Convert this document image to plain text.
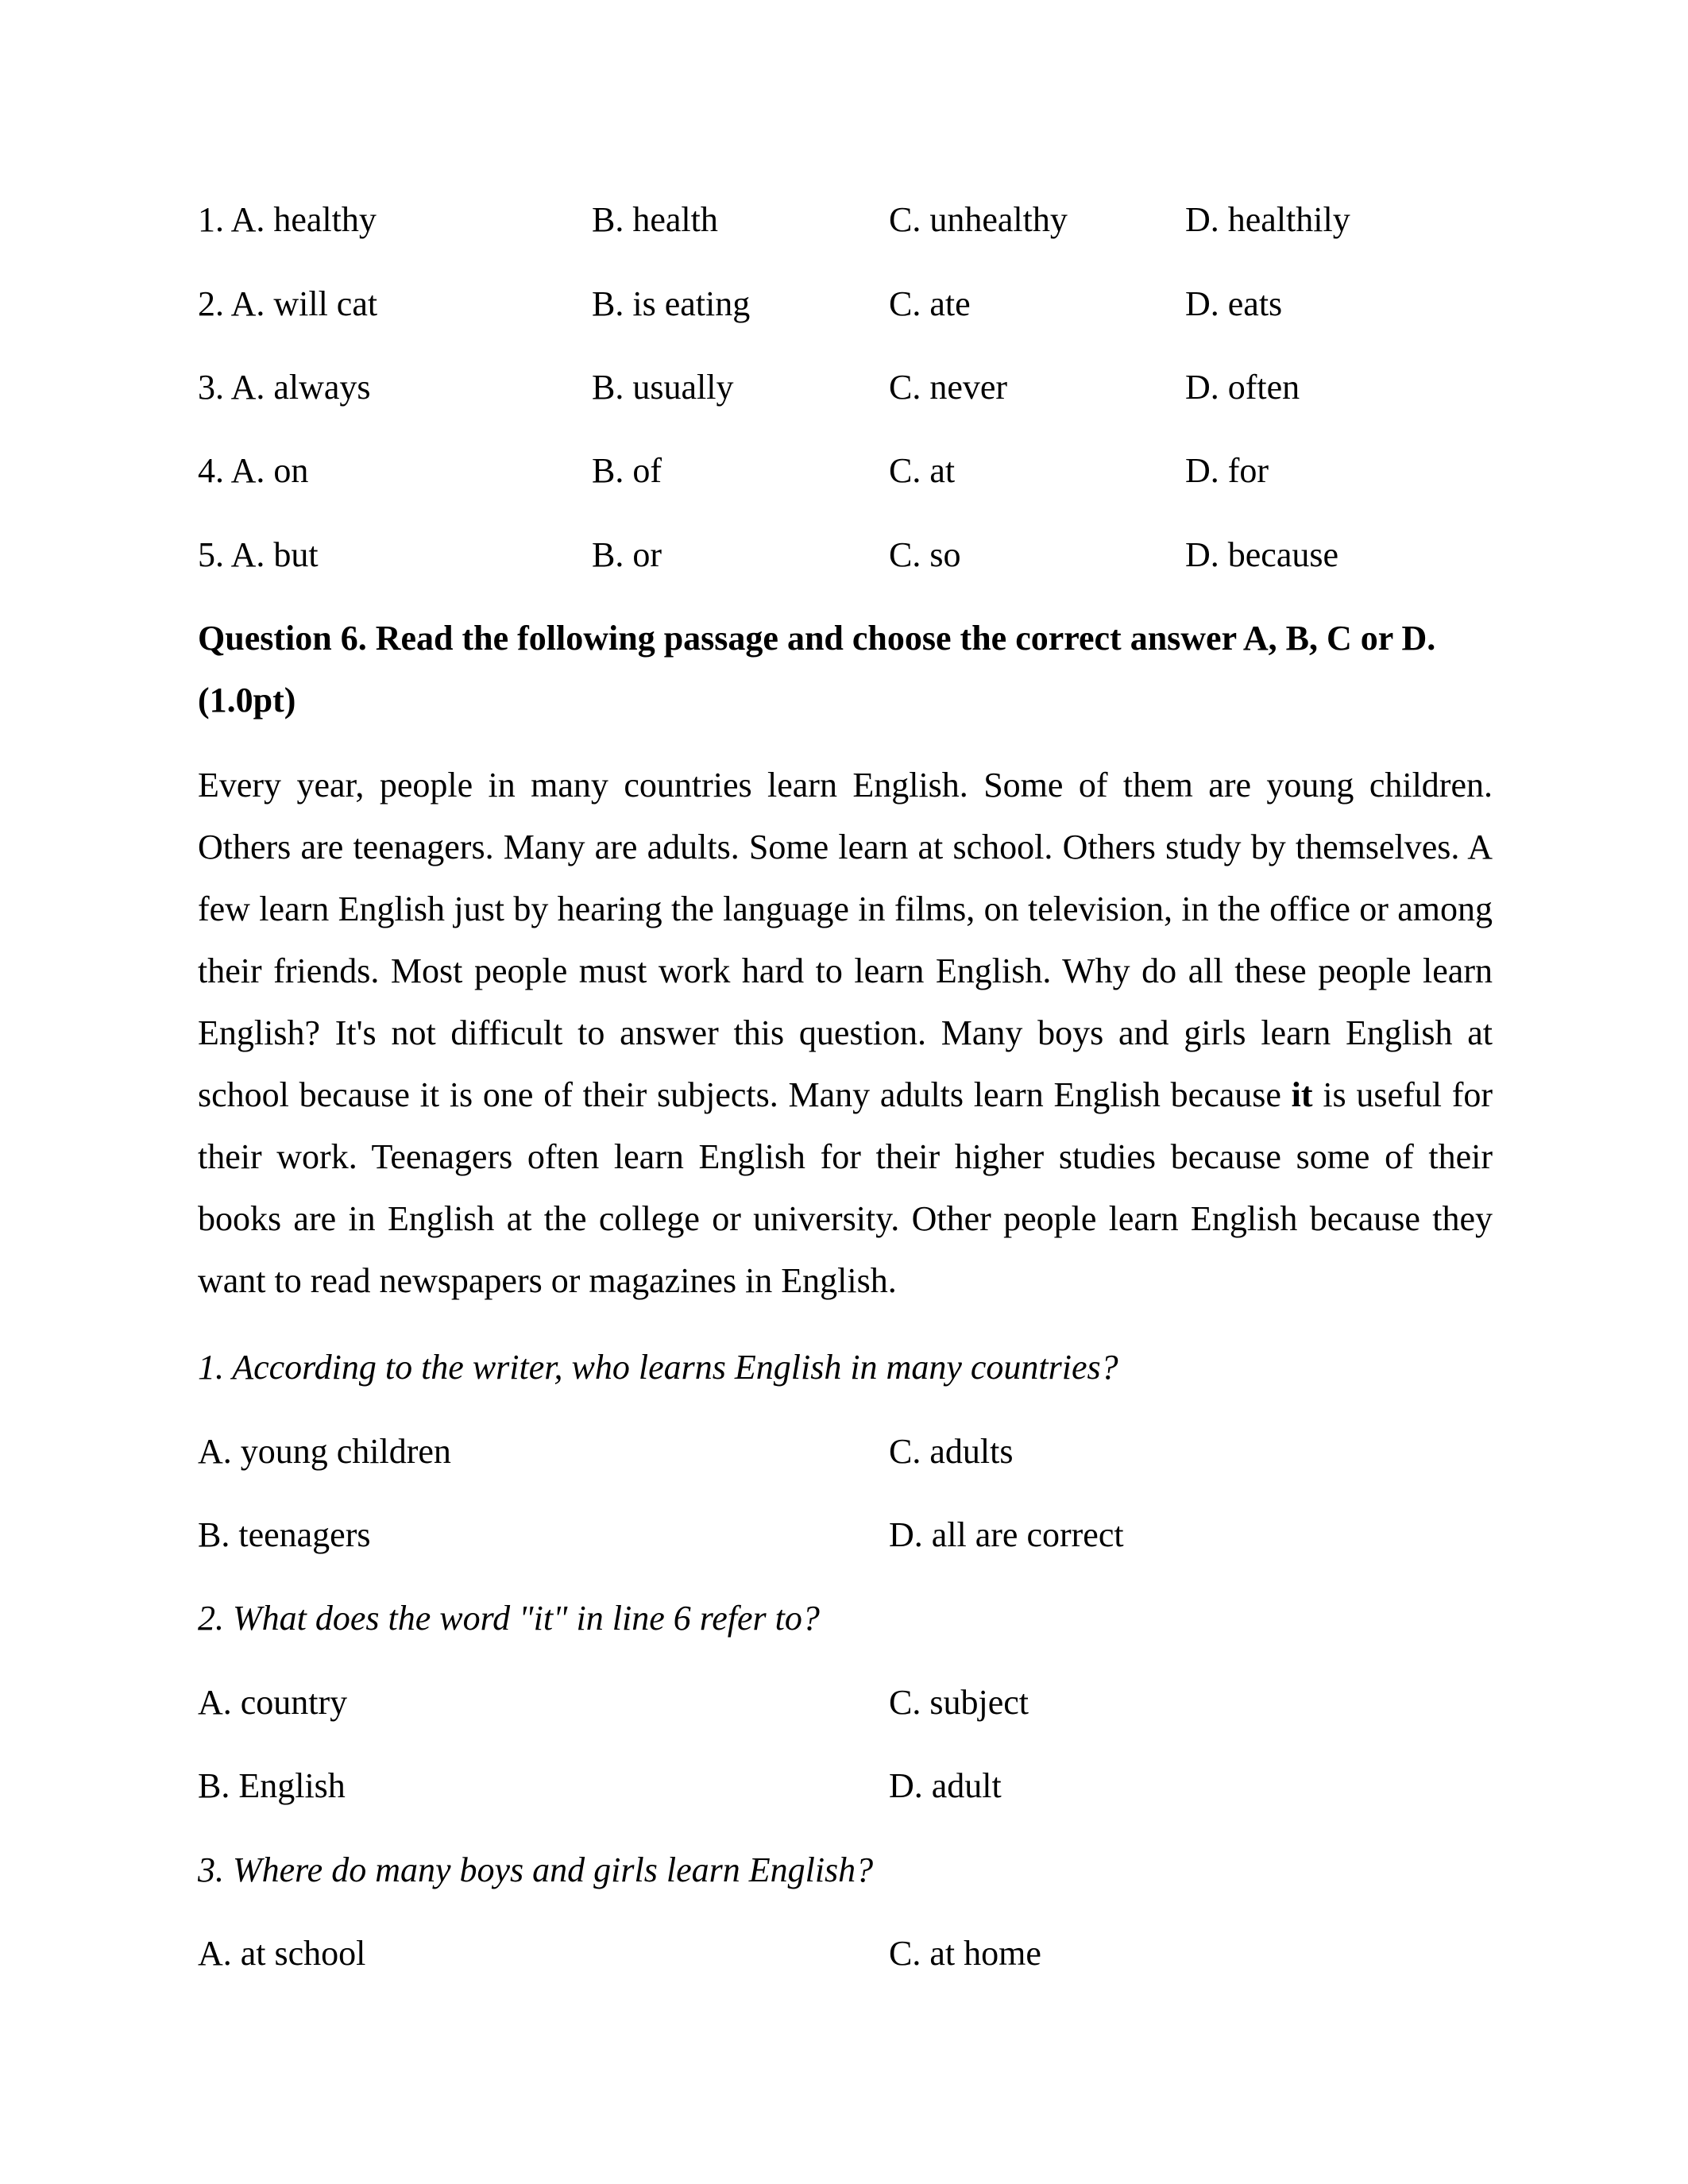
1. A. healthy	B. health	C. unhealthy	D. healthily
2. A. will cat	B. is eating	C. ate	D. eats
3. A. always	B. usually	C. never	D. often
4. A. on	B. of	C. at	D. for
5. A. but	B. or	C. so	D. because

Question 6. Read the following passage and choose the correct answer A, B, C or D. (1.0pt)

Every year, people in many countries learn English. Some of them are young children. Others are teenagers. Many are adults. Some learn at school. Others study by themselves. A few learn English just by hearing the language in films, on television, in the office or among their friends. Most people must work hard to learn English. Why do all these people learn English? It's not difficult to answer this question. Many boys and girls learn English at school because it is one of their subjects. Many adults learn English because it is useful for their work. Teenagers often learn English for their higher studies because some of their books are in English at the college or university. Other people learn English because they want to read newspapers or magazines in English.

1. According to the writer, who learns English in many countries?
A. young children	C. adults
B. teenagers	D. all are correct
2. What does the word "it" in line 6 refer to?
A. country	C. subject
B. English	D. adult
3. Where do many boys and girls learn English?
A. at school	C. at home
